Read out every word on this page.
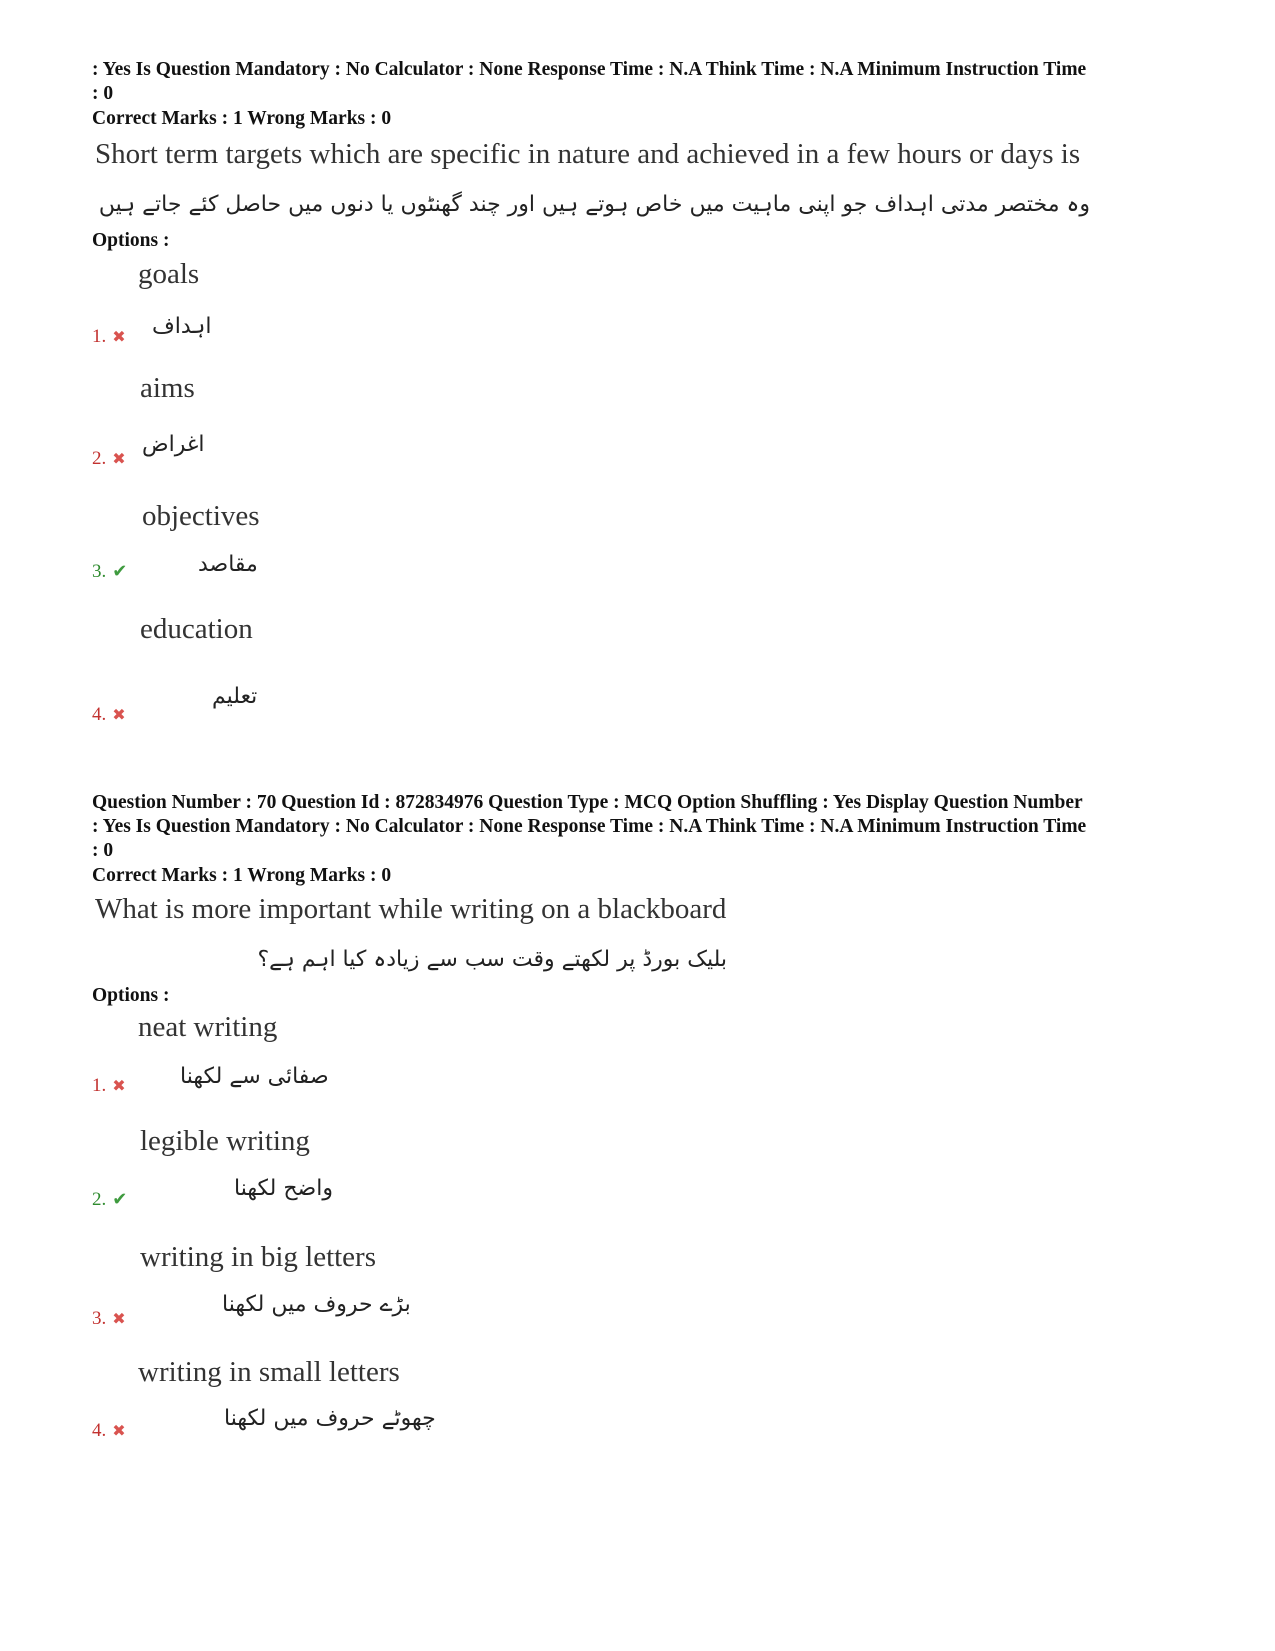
: Yes Is Question Mandatory : No Calculator : None Response Time : N.A Think Time : N.A Minimum Instruction Time
: 0
Correct Marks : 1 Wrong Marks : 0
Short term targets which are specific in nature and achieved in a few hours or days is
وہ مختصر مدتی اہداف جو اپنی ماہیت میں خاص ہوتے ہیں اور چند گھنٹوں یا دنوں میں حاصل کئے جاتے ہیں
Options :
goals
اہداف
1. ✖
aims
اغراض
2. ✖
objectives
مقاصد
3. ✔
education
تعلیم
4. ✖
Question Number : 70 Question Id : 872834976 Question Type : MCQ Option Shuffling : Yes Display Question Number
: Yes Is Question Mandatory : No Calculator : None Response Time : N.A Think Time : N.A Minimum Instruction Time
: 0
Correct Marks : 1 Wrong Marks : 0
What is more important while writing on a blackboard
بلیک بورڈ پر لکھتے وقت سب سے زیادہ کیا اہم ہے؟
Options :
neat writing
صفائی سے لکھنا
1. ✖
legible writing
واضح لکھنا
2. ✔
writing in big letters
بڑے حروف میں لکھنا
3. ✖
writing in small letters
چھوٹے حروف میں لکھنا
4. ✖
